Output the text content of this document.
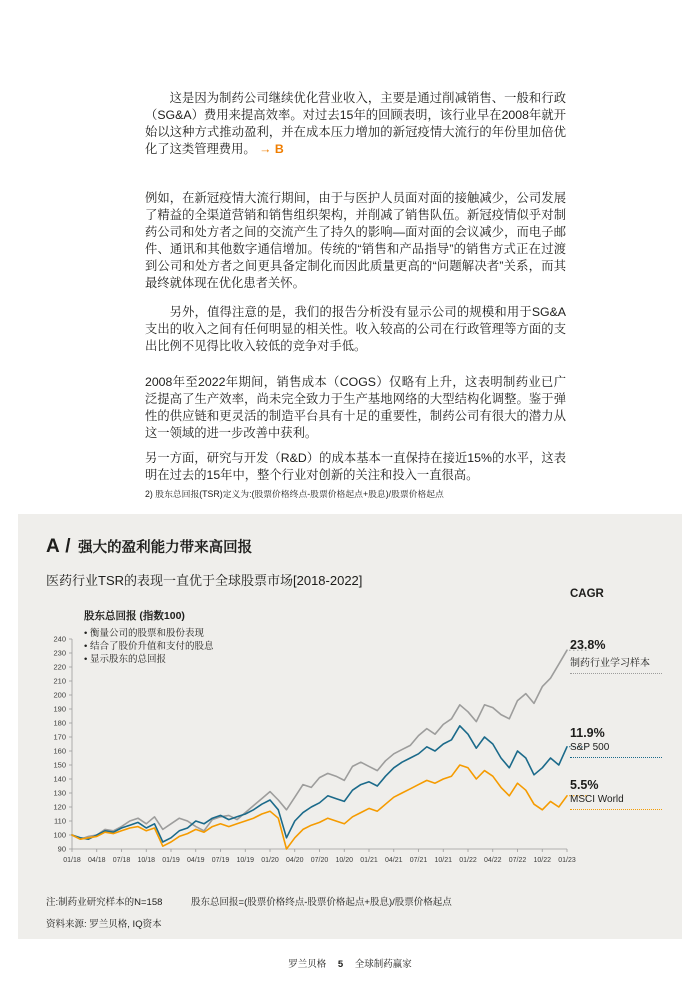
这是因为制药公司继续优化营业收入，主要是通过削减销售、一般和行政（SG&A）费用来提高效率。对过去15年的回顾表明，该行业早在2008年就开始以这种方式推动盈利，并在成本压力增加的新冠疫情大流行的年份里加倍优化了这类管理费用。 → B

例如，在新冠疫情大流行期间，由于与医护人员面对面的接触减少，公司发展了精益的全渠道营销和销售组织架构，并削减了销售队伍。新冠疫情似乎对制药公司和处方者之间的交流产生了持久的影响—面对面的会议减少，而电子邮件、通讯和其他数字通信增加。传统的“销售和产品指导”的销售方式正在过渡到公司和处方者之间更具备定制化而因此质量更高的“问题解决者”关系，而其最终就体现在优化患者关怀。

另外，值得注意的是，我们的报告分析没有显示公司的规模和用于SG&A支出的收入之间有任何明显的相关性。收入较高的公司在行政管理等方面的支出比例不见得比收入较低的竞争对手低。

2008年至2022年期间，销售成本（COGS）仅略有上升，这表明制药业已广泛提高了生产效率，尚未完全致力于生产基地网络的大型结构化调整。鉴于弹性的供应链和更灵活的制造平台具有十足的重要性，制药公司有很大的潜力从这一领域的进一步改善中获利。

另一方面，研究与开发（R&D）的成本基本一直保持在接近15%的水平，这表明在过去的15年中，整个行业对创新的关注和投入一直很高。

2) 股东总回报(TSR)定义为:(股票价格终点-股票价格起点+股息)/股票价格起点
A / 强大的盈利能力带来高回报
医药行业TSR的表现一直优于全球股票市场[2018-2022]
90
100
110
120
130
140
150
160
170
180
190
200
210
220
230
240
01/18 04/18 07/18 10/18 01/19 04/19 07/19 10/19 01/20 04/20 07/20 10/20 01/21 04/21 07/21 10/21 01/22 04/22 07/22 10/22 01/23
股东总回报 (指数100)
• 衡量公司的股票和股份表现
• 结合了股价升值和支付的股息
• 显示股东的总回报
CAGR
23.8%
制药行业学习样本
11.9%
S&P 500
5.5%
MSCI World
注:制药业研究样本的N=158	股东总回报=(股票价格终点-股票价格起点+股息)/股票价格起点
资料来源: 罗兰贝格, IQ资本
罗兰贝格 5 全球制药赢家
